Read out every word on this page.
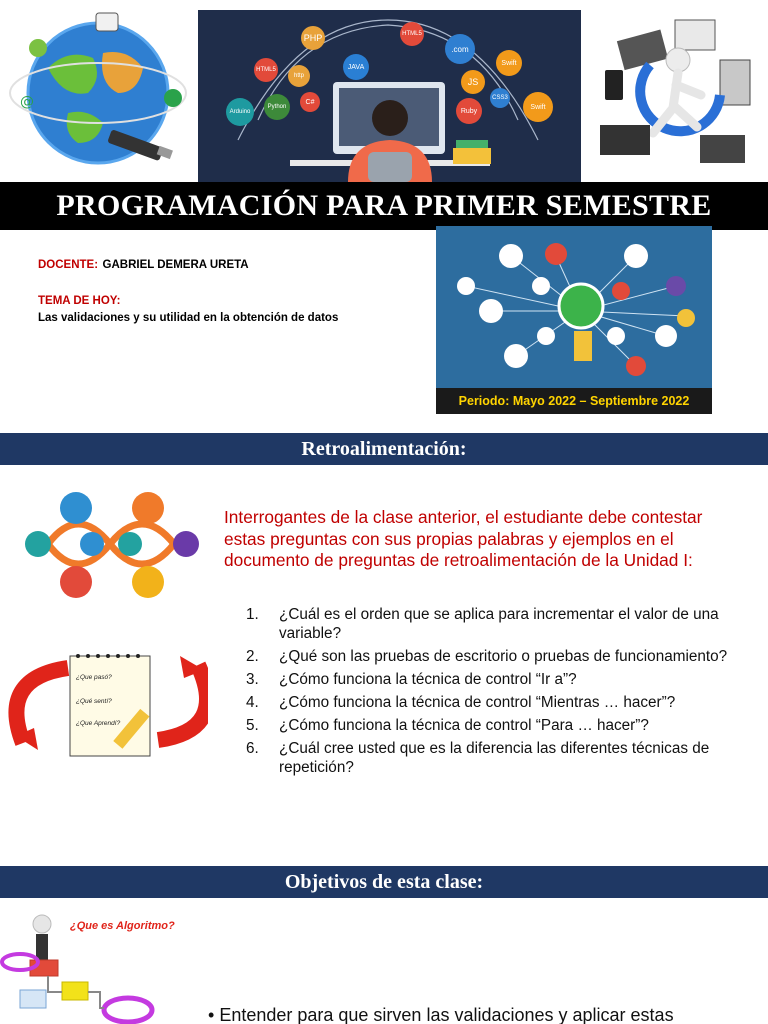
@
PHP
HTML5	JAVA
.com
HTML5
http
Swift
JS
Arduino
Python
C#
Ruby
CSS3
Swift
PROGRAMACIÓN PARA PRIMER SEMESTRE
DOCENTE: GABRIEL DEMERA URETA
TEMA DE HOY:
Las validaciones y su utilidad en la obtención de datos
Periodo: Mayo 2022 – Septiembre 2022
Retroalimentación:
¿Que pasó?
¿Qué sentí?
¿Que Aprendí?
Interrogantes de la clase anterior, el estudiante debe contestar estas preguntas con sus propias palabras y ejemplos en el documento de preguntas de retroalimentación de la Unidad I:
1.	¿Cuál es el orden que se aplica para incrementar el valor de una variable?
2.	¿Qué son las pruebas de escritorio o pruebas de funcionamiento?
3.	¿Cómo funciona la técnica de control “Ir a”?
4.	¿Cómo funciona la técnica de control “Mientras … hacer”?
5.	¿Cómo funciona la técnica de control “Para … hacer”?
6.	¿Cuál cree usted que es la diferencia las diferentes técnicas de repetición?
Objetivos de esta clase:
¿Que es Algoritmo?
• Entender para que sirven las validaciones y aplicar estas
